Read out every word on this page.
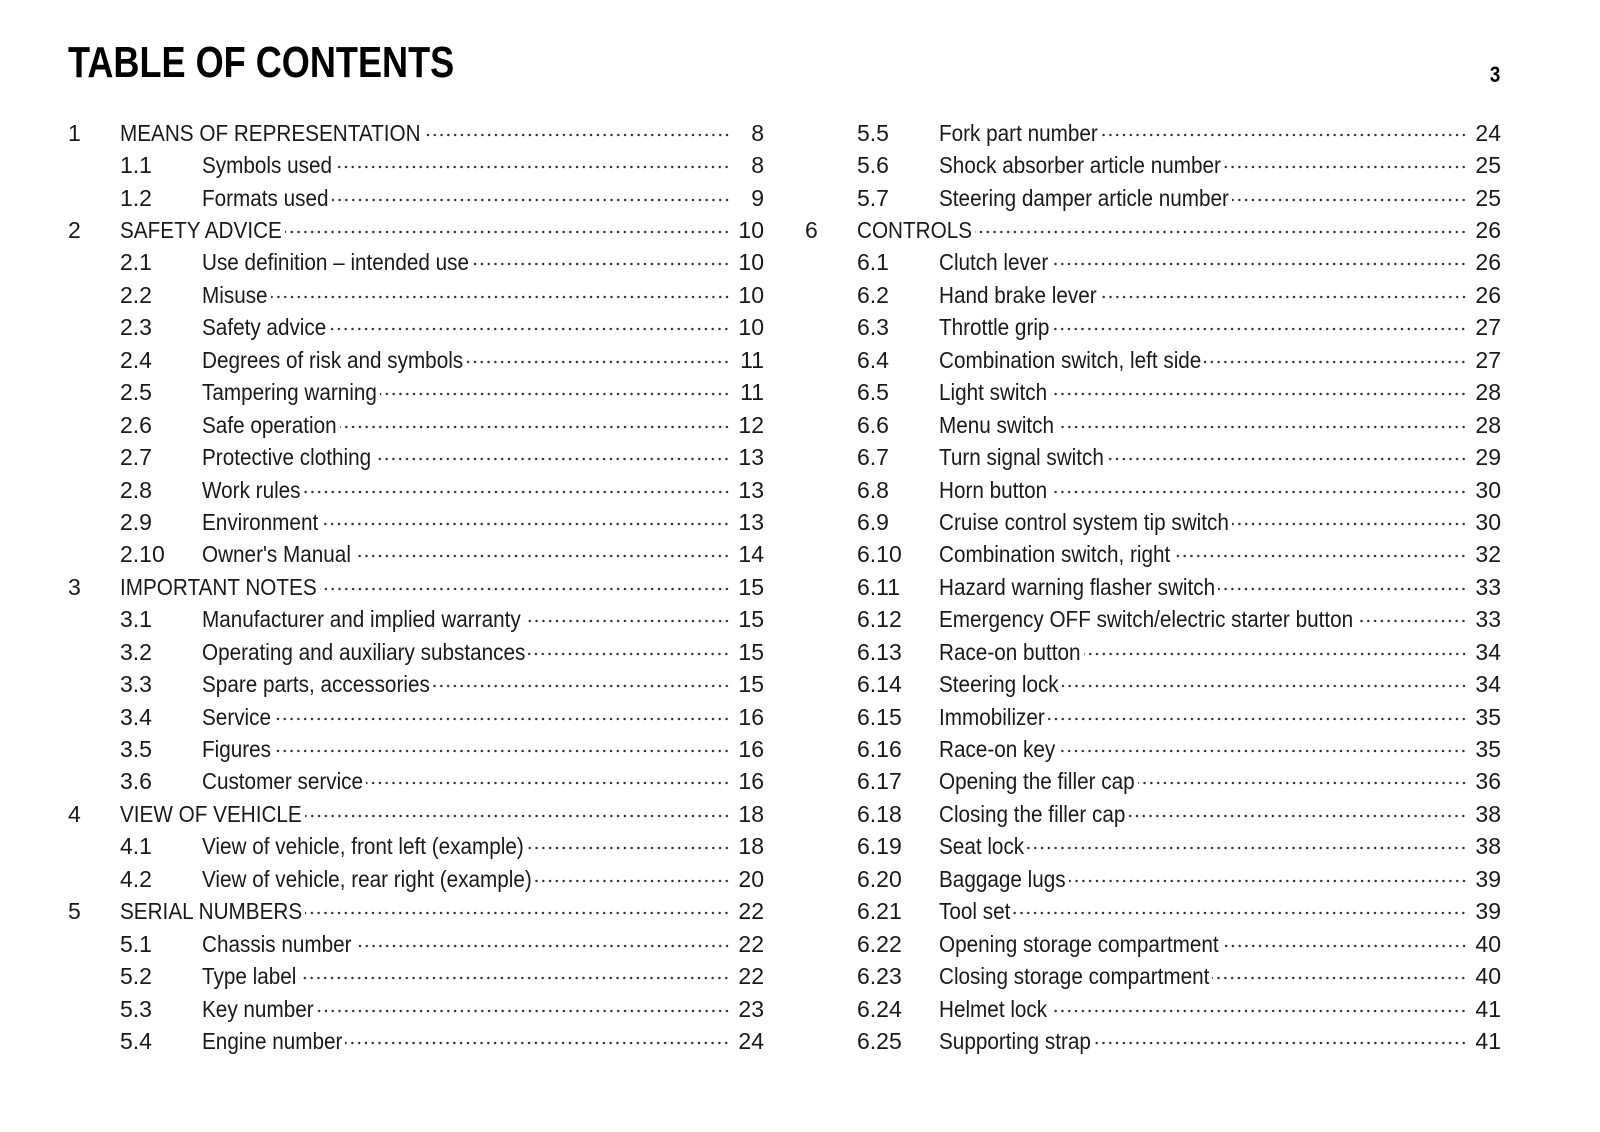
TABLE OF CONTENTS	3
1 MEANS OF REPRESENTATION	8
1.1 Symbols used	8
1.2 Formats used	9
2 SAFETY ADVICE	10
2.1 Use definition – intended use	10
2.2 Misuse	10
2.3 Safety advice	10
2.4 Degrees of risk and symbols	11
2.5 Tampering warning	11
2.6 Safe operation	12
2.7 Protective clothing	13
2.8 Work rules	13
2.9 Environment	13
2.10 Owner's Manual	14
3 IMPORTANT NOTES	15
3.1 Manufacturer and implied warranty	15
3.2 Operating and auxiliary substances	15
3.3 Spare parts, accessories	15
3.4 Service	16
3.5 Figures	16
3.6 Customer service	16
4 VIEW OF VEHICLE	18
4.1 View of vehicle, front left (example)	18
4.2 View of vehicle, rear right (example)	20
5 SERIAL NUMBERS	22
5.1 Chassis number	22
5.2 Type label	22
5.3 Key number	23
5.4 Engine number	24
5.5 Fork part number	24
5.6 Shock absorber article number	25
5.7 Steering damper article number	25
6 CONTROLS	26
6.1 Clutch lever	26
6.2 Hand brake lever	26
6.3 Throttle grip	27
6.4 Combination switch, left side	27
6.5 Light switch	28
6.6 Menu switch	28
6.7 Turn signal switch	29
6.8 Horn button	30
6.9 Cruise control system tip switch	30
6.10 Combination switch, right	32
6.11 Hazard warning flasher switch	33
6.12 Emergency OFF switch/electric starter button	33
6.13 Race-on button	34
6.14 Steering lock	34
6.15 Immobilizer	35
6.16 Race-on key	35
6.17 Opening the filler cap	36
6.18 Closing the filler cap	38
6.19 Seat lock	38
6.20 Baggage lugs	39
6.21 Tool set	39
6.22 Opening storage compartment	40
6.23 Closing storage compartment	40
6.24 Helmet lock	41
6.25 Supporting strap	41
